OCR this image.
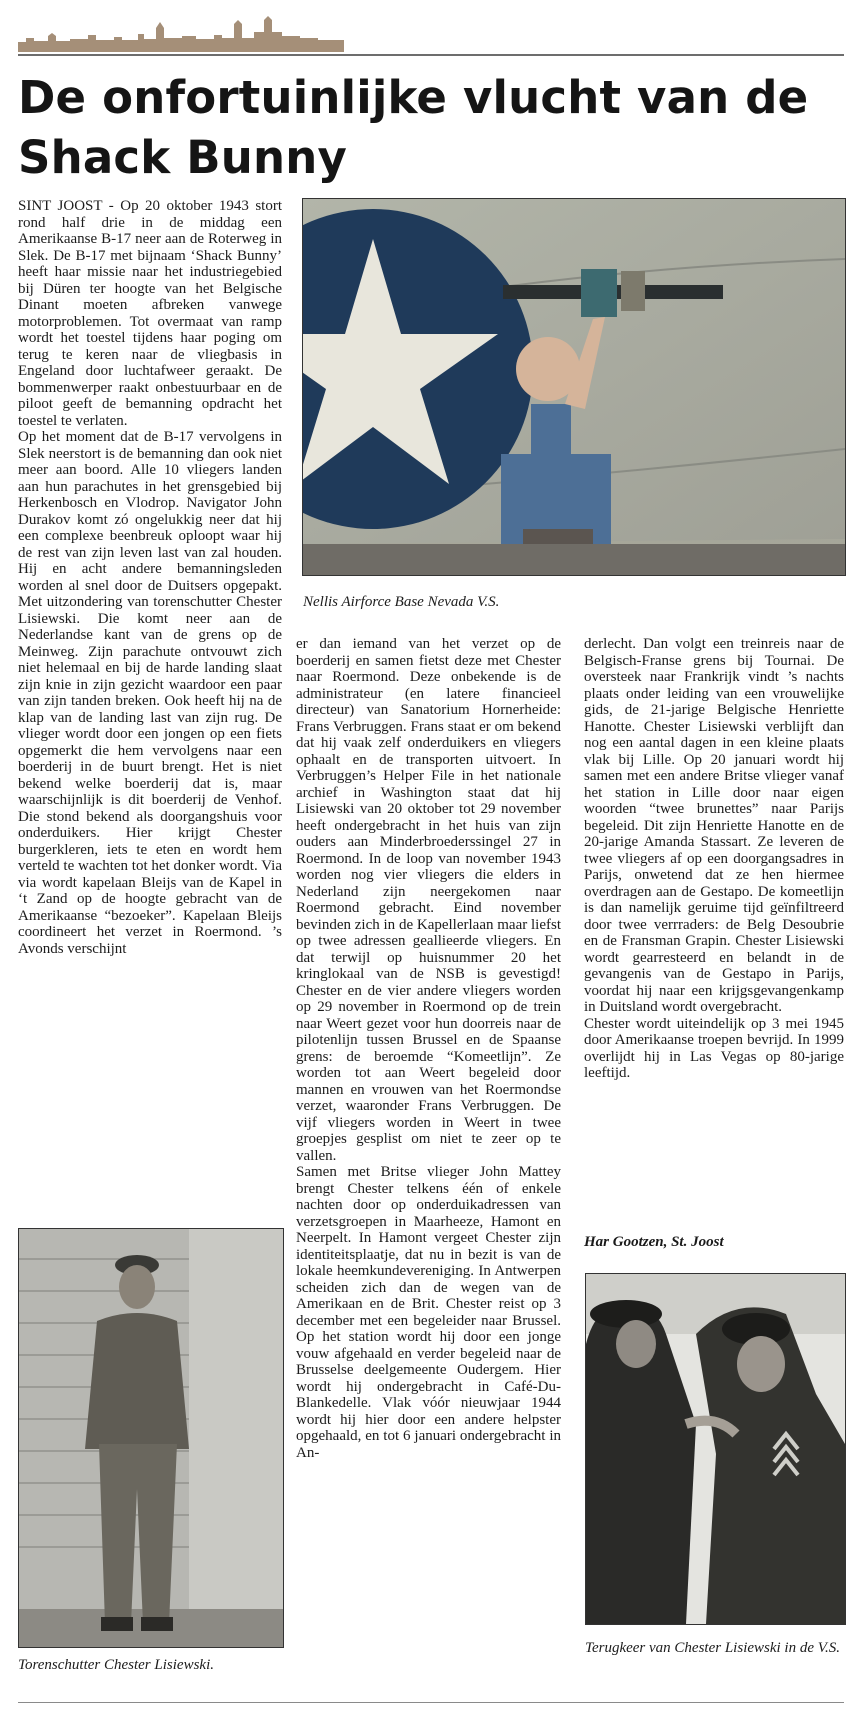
De onfortuinlijke vlucht van de Shack Bunny

SINT JOOST - Op 20 oktober 1943 stort rond half drie in de middag een Amerikaanse B-17 neer aan de Roterweg in Slek. De B-17 met bijnaam ‘Shack Bunny’ heeft haar missie naar het industriegebied bij Düren ter hoogte van het Belgische Dinant moeten afbreken vanwege motorproblemen. Tot overmaat van ramp wordt het toestel tijdens haar poging om terug te keren naar de vliegbasis in Engeland door luchtafweer geraakt. De bommenwerper raakt onbestuurbaar en de piloot geeft de bemanning opdracht het toestel te verlaten.

Op het moment dat de B-17 vervolgens in Slek neerstort is de bemanning dan ook niet meer aan boord. Alle 10 vliegers landen aan hun parachutes in het grensgebied bij Herkenbosch en Vlodrop. Navigator John Durakov komt zó ongelukkig neer dat hij een complexe beenbreuk oploopt waar hij de rest van zijn leven last van zal houden. Hij en acht andere bemanningsleden worden al snel door de Duitsers opgepakt. Met uitzondering van torenschutter Chester Lisiewski. Die komt neer aan de Nederlandse kant van de grens op de Meinweg. Zijn parachute ontvouwt zich niet helemaal en bij de harde landing slaat zijn knie in zijn gezicht waardoor een paar van zijn tanden breken. Ook heeft hij na de klap van de landing last van zijn rug. De vlieger wordt door een jongen op een fiets opgemerkt die hem vervolgens naar een boerderij in de buurt brengt. Het is niet bekend welke boerderij dat is, maar waarschijnlijk is dit boerderij de Venhof. Die stond bekend als doorgangshuis voor onderduikers. Hier krijgt Chester burgerkleren, iets te eten en wordt hem verteld te wachten tot het donker wordt. Via via wordt kapelaan Bleijs van de Kapel in ‘t Zand op de hoogte gebracht van de Amerikaanse “bezoeker”. Kapelaan Bleijs coordineert het verzet in Roermond. ’s Avonds verschijnt

Nellis Airforce Base Nevada V.S.

er dan iemand van het verzet op de boerderij en samen fietst deze met Chester naar Roermond. Deze onbekende is de administrateur (en latere financieel directeur) van Sanatorium Hornerheide: Frans Verbruggen. Frans staat er om bekend dat hij vaak zelf onderduikers en vliegers ophaalt en de transporten uitvoert. In Verbruggen’s Helper File in het nationale archief in Washington staat dat hij Lisiewski van 20 oktober tot 29 november heeft ondergebracht in het huis van zijn ouders aan Minderbroederssingel 27 in Roermond. In de loop van november 1943 worden nog vier vliegers die elders in Nederland zijn neergekomen naar Roermond gebracht. Eind november bevinden zich in de Kapellerlaan maar liefst op twee adressen geallieerde vliegers. En dat terwijl op huisnummer 20 het kringlokaal van de NSB is gevestigd! Chester en de vier andere vliegers worden op 29 november in Roermond op de trein naar Weert gezet voor hun doorreis naar de pilotenlijn tussen Brussel en de Spaanse grens: de beroemde “Komeetlijn”. Ze worden tot aan Weert begeleid door mannen en vrouwen van het Roermondse verzet, waaronder Frans Verbruggen. De vijf vliegers worden in Weert in twee groepjes gesplist om niet te zeer op te vallen.

Samen met Britse vlieger John Mattey brengt Chester telkens één of enkele nachten door op onderduikadressen van verzetsgroepen in Maarheeze, Hamont en Neerpelt. In Hamont vergeet Chester zijn identiteitsplaatje, dat nu in bezit is van de lokale heemkundevereniging. In Antwerpen scheiden zich dan de wegen van de Amerikaan en de Brit. Chester reist op 3 december met een begeleider naar Brussel. Op het station wordt hij door een jonge vouw afgehaald en verder begeleid naar de Brusselse deelgemeente Oudergem. Hier wordt hij ondergebracht in Café-Du-Blankedelle. Vlak vóór nieuwjaar 1944 wordt hij hier door een andere helpster opgehaald, en tot 6 januari ondergebracht in An-

derlecht. Dan volgt een treinreis naar de Belgisch-Franse grens bij Tournai. De oversteek naar Frankrijk vindt ’s nachts plaats onder leiding van een vrouwelijke gids, de 21-jarige Belgische Henriette Hanotte. Chester Lisiewski verblijft dan nog een aantal dagen in een kleine plaats vlak bij Lille. Op 20 januari wordt hij samen met een andere Britse vlieger vanaf het station in Lille door naar eigen woorden “twee brunettes” naar Parijs begeleid. Dit zijn Henriette Hanotte en de 20-jarige Amanda Stassart. Ze leveren de twee vliegers af op een doorgangsadres in Parijs, onwetend dat ze hen hiermee overdragen aan de Gestapo. De komeetlijn is dan namelijk geruime tijd geïnfiltreerd door twee verrraders: de Belg Desoubrie en de Fransman Grapin. Chester Lisiewski wordt gearresteerd en belandt in de gevangenis van de Gestapo in Parijs, voordat hij naar een krijgsgevangenkamp in Duitsland wordt overgebracht.

Chester wordt uiteindelijk op 3 mei 1945 door Amerikaanse troepen bevrijd. In 1999 overlijdt hij in Las Vegas op 80-jarige leeftijd.

Har Gootzen, St. Joost
Torenschutter Chester Lisiewski.
Terugkeer van Chester Lisiewski in de V.S.
